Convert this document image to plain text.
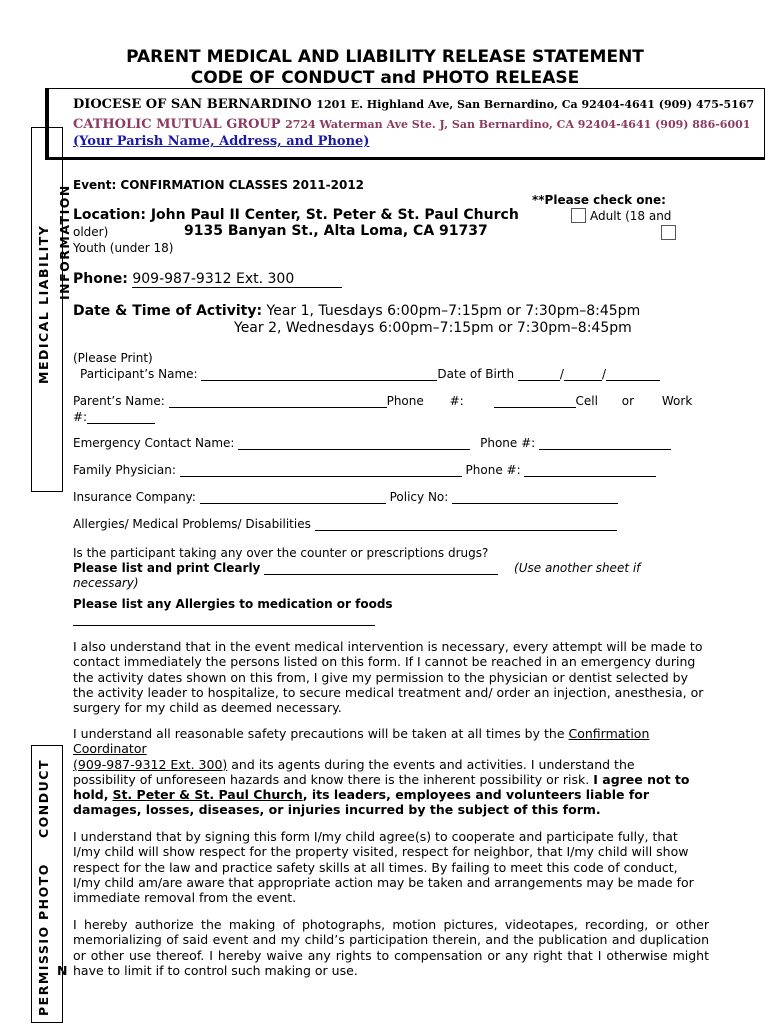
PARENT MEDICAL AND LIABILITY RELEASE STATEMENT
CODE OF CONDUCT and PHOTO RELEASE
DIOCESE OF SAN BERNARDINO 1201 E. Highland Ave, San Bernardino, Ca 92404-4641 (909) 475-5167
CATHOLIC MUTUAL GROUP 2724 Waterman Ave Ste. J, San Bernardino, CA 92404-4641 (909) 886-6001
(Your Parish Name, Address, and Phone)
MEDICAL LIABILITY INFORMATION
CONDUCT
PHOTO
PERMISSIO N
Event: CONFIRMATION CLASSES 2011-2012
**Please check one:
Location: John Paul II Center, St. Peter & St. Paul Church	Adult (18 and
older)	9135 Banyan St., Alta Loma, CA 91737
Youth (under 18)
Phone: 909-987-9312 Ext. 300
Date & Time of Activity: Year 1, Tuesdays 6:00pm–7:15pm or 7:30pm–8:45pm
Year 2, Wednesdays 6:00pm–7:15pm or 7:30pm–8:45pm
(Please Print)
Participant’s Name:	Date of Birth	/	/
Parent’s Name:	Phone #:	Cell or Work
#:
Emergency Contact Name:	Phone #:
Family Physician:	Phone #:
Insurance Company:	Policy No:
Allergies/ Medical Problems/ Disabilities
Is the participant taking any over the counter or prescriptions drugs?
Please list and print Clearly	(Use another sheet if
necessary)
Please list any Allergies to medication or foods
I also understand that in the event medical intervention is necessary, every attempt will be made to contact immediately the persons listed on this form. If I cannot be reached in an emergency during the activity dates shown on this from, I give my permission to the physician or dentist selected by the activity leader to hospitalize, to secure medical treatment and/ order an injection, anesthesia, or surgery for my child as deemed necessary.
I understand all reasonable safety precautions will be taken at all times by the Confirmation Coordinator
(909-987-9312 Ext. 300) and its agents during the events and activities. I understand the
possibility of unforeseen hazards and know there is the inherent possibility or risk. I agree not to
hold, St. Peter & St. Paul Church, its leaders, employees and volunteers liable for
damages, losses, diseases, or injuries incurred by the subject of this form.
I understand that by signing this form I/my child agree(s) to cooperate and participate fully, that I/my child will show respect for the property visited, respect for neighbor, that I/my child will show respect for the law and practice safety skills at all times. By failing to meet this code of conduct, I/my child am/are aware that appropriate action may be taken and arrangements may be made for immediate removal from the event.
I hereby authorize the making of photographs, motion pictures, videotapes, recording, or other memorializing of said event and my child’s participation therein, and the publication and duplication or other use thereof. I hereby waive any rights to compensation or any right that I otherwise might have to limit if to control such making or use.
